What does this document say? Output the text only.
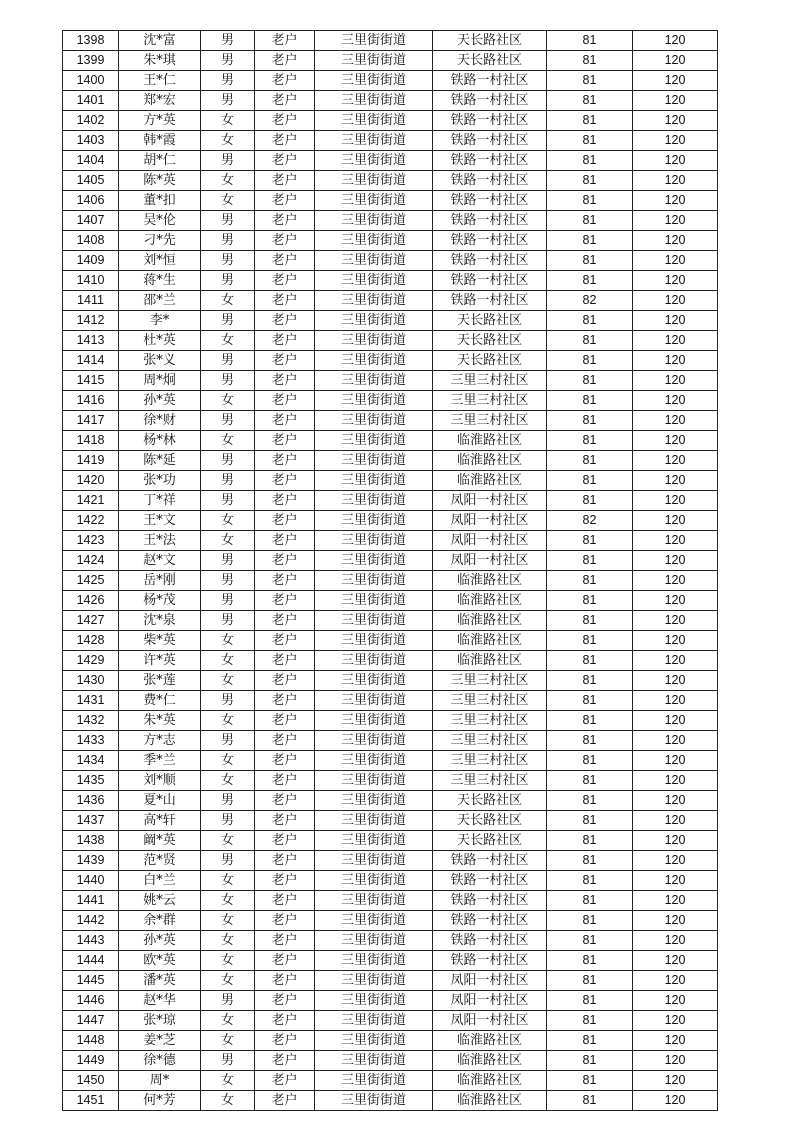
1398	沈*富	男	老户	三里街街道	天长路社区	81	120
1399	朱*琪	男	老户	三里街街道	天长路社区	81	120
1400	王*仁	男	老户	三里街街道	铁路一村社区	81	120
1401	郑*宏	男	老户	三里街街道	铁路一村社区	81	120
1402	方*英	女	老户	三里街街道	铁路一村社区	81	120
1403	韩*霞	女	老户	三里街街道	铁路一村社区	81	120
1404	胡*仁	男	老户	三里街街道	铁路一村社区	81	120
1405	陈*英	女	老户	三里街街道	铁路一村社区	81	120
1406	董*扣	女	老户	三里街街道	铁路一村社区	81	120
1407	吴*伦	男	老户	三里街街道	铁路一村社区	81	120
1408	刁*先	男	老户	三里街街道	铁路一村社区	81	120
1409	刘*恒	男	老户	三里街街道	铁路一村社区	81	120
1410	蒋*生	男	老户	三里街街道	铁路一村社区	81	120
1411	邵*兰	女	老户	三里街街道	铁路一村社区	82	120
1412	李*	男	老户	三里街街道	天长路社区	81	120
1413	杜*英	女	老户	三里街街道	天长路社区	81	120
1414	张*义	男	老户	三里街街道	天长路社区	81	120
1415	周*炯	男	老户	三里街街道	三里三村社区	81	120
1416	孙*英	女	老户	三里街街道	三里三村社区	81	120
1417	徐*财	男	老户	三里街街道	三里三村社区	81	120
1418	杨*林	女	老户	三里街街道	临淮路社区	81	120
1419	陈*延	男	老户	三里街街道	临淮路社区	81	120
1420	张*功	男	老户	三里街街道	临淮路社区	81	120
1421	丁*祥	男	老户	三里街街道	凤阳一村社区	81	120
1422	王*文	女	老户	三里街街道	凤阳一村社区	82	120
1423	王*法	女	老户	三里街街道	凤阳一村社区	81	120
1424	赵*文	男	老户	三里街街道	凤阳一村社区	81	120
1425	岳*刚	男	老户	三里街街道	临淮路社区	81	120
1426	杨*茂	男	老户	三里街街道	临淮路社区	81	120
1427	沈*泉	男	老户	三里街街道	临淮路社区	81	120
1428	柴*英	女	老户	三里街街道	临淮路社区	81	120
1429	许*英	女	老户	三里街街道	临淮路社区	81	120
1430	张*莲	女	老户	三里街街道	三里三村社区	81	120
1431	费*仁	男	老户	三里街街道	三里三村社区	81	120
1432	朱*英	女	老户	三里街街道	三里三村社区	81	120
1433	方*志	男	老户	三里街街道	三里三村社区	81	120
1434	季*兰	女	老户	三里街街道	三里三村社区	81	120
1435	刘*顺	女	老户	三里街街道	三里三村社区	81	120
1436	夏*山	男	老户	三里街街道	天长路社区	81	120
1437	高*轩	男	老户	三里街街道	天长路社区	81	120
1438	阚*英	女	老户	三里街街道	天长路社区	81	120
1439	范*贤	男	老户	三里街街道	铁路一村社区	81	120
1440	白*兰	女	老户	三里街街道	铁路一村社区	81	120
1441	姚*云	女	老户	三里街街道	铁路一村社区	81	120
1442	余*群	女	老户	三里街街道	铁路一村社区	81	120
1443	孙*英	女	老户	三里街街道	铁路一村社区	81	120
1444	欧*英	女	老户	三里街街道	铁路一村社区	81	120
1445	潘*英	女	老户	三里街街道	凤阳一村社区	81	120
1446	赵*华	男	老户	三里街街道	凤阳一村社区	81	120
1447	张*琼	女	老户	三里街街道	凤阳一村社区	81	120
1448	姜*芝	女	老户	三里街街道	临淮路社区	81	120
1449	徐*德	男	老户	三里街街道	临淮路社区	81	120
1450	周*	女	老户	三里街街道	临淮路社区	81	120
1451	何*芳	女	老户	三里街街道	临淮路社区	81	120
